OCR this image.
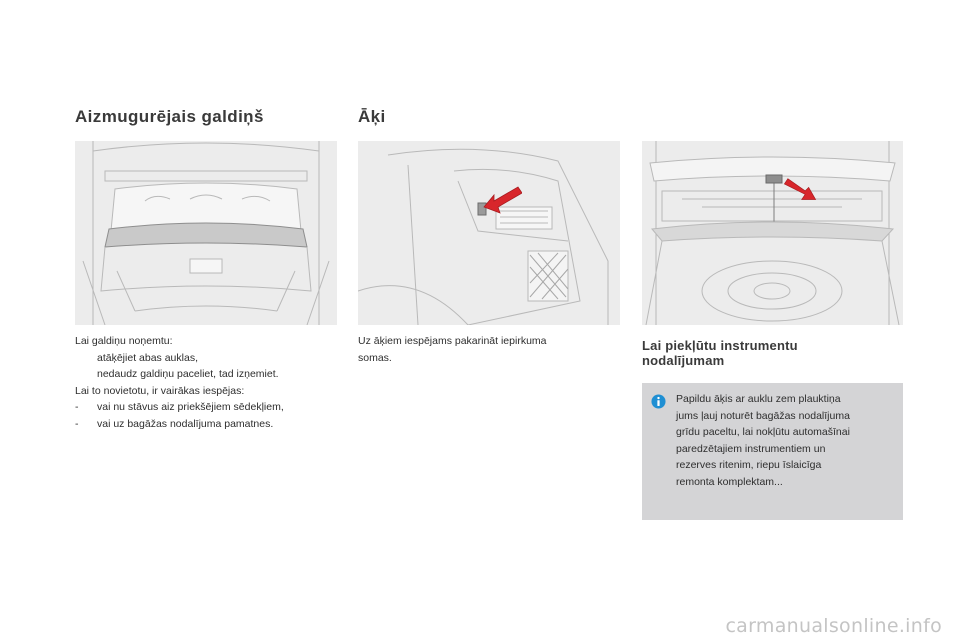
Aizmugurējais galdiņš
Lai galdiņu noņemtu:
atāķējiet abas auklas,
nedaudz galdiņu paceliet, tad izņemiet.
Lai to novietotu, ir vairākas iespējas:
- vai nu stāvus aiz priekšējiem sēdekļiem,
- vai uz bagāžas nodalījuma pamatnes.
Āķi
Uz āķiem iespējams pakarināt iepirkuma
somas.
Lai piekļūtu instrumentu
nodalījumam
Papildu āķis ar auklu zem plauktiņa
jums ļauj noturēt bagāžas nodalījuma
grīdu paceltu, lai nokļūtu automašīnai
paredzētajiem instrumentiem un
rezerves ritenim, riepu īslaicīga
remonta komplektam...
carmanualsonline.info
